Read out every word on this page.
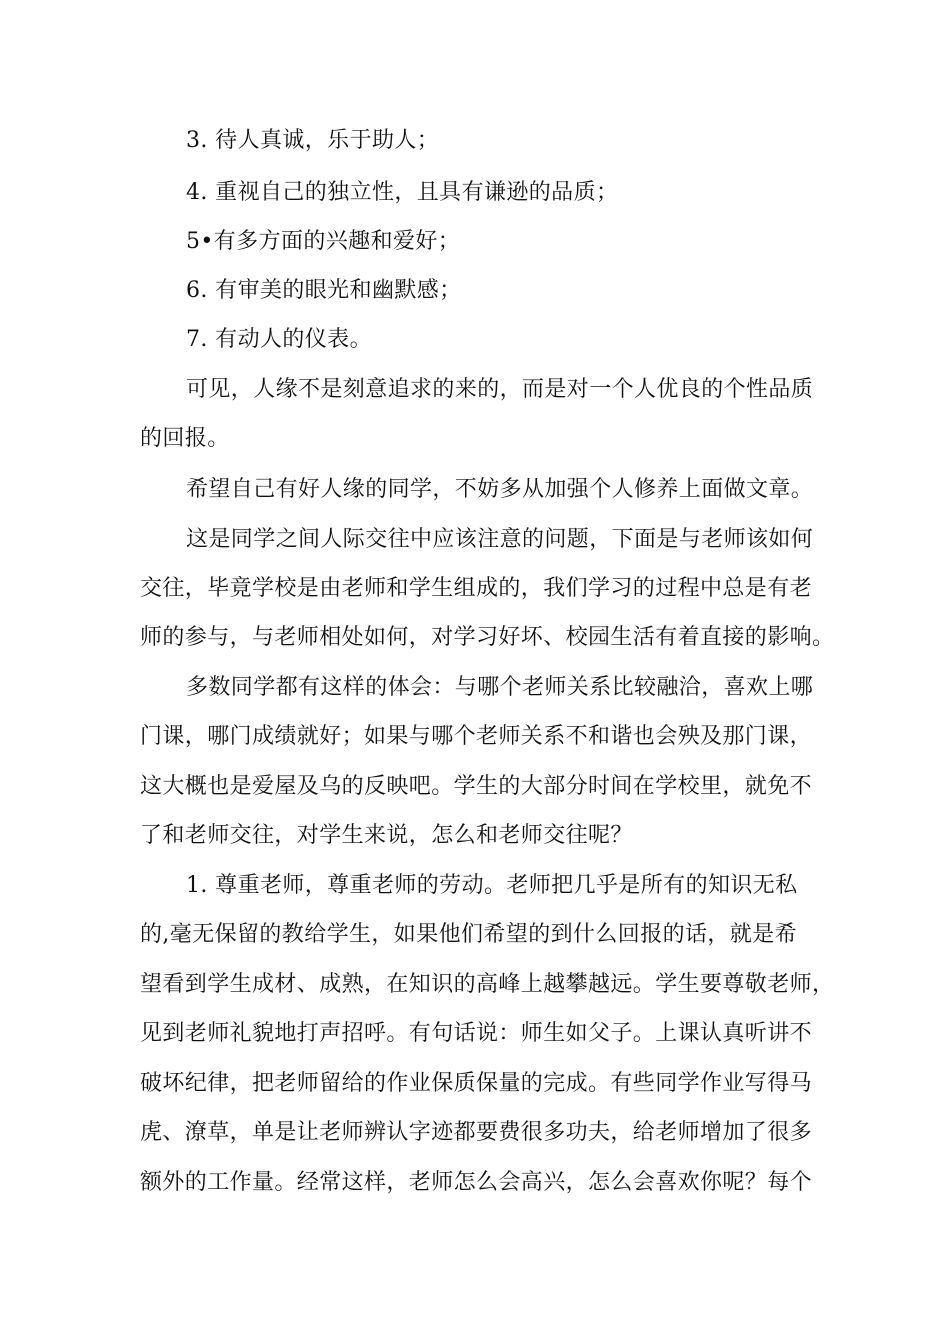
3. 待人真诚，乐于助人；
4. 重视自己的独立性，且具有谦逊的品质；
5•有多方面的兴趣和爱好；
6. 有审美的眼光和幽默感；
7. 有动人的仪表。
可见，人缘不是刻意追求的来的，而是对一个人优良的个性品质
的回报。
希望自己有好人缘的同学，不妨多从加强个人修养上面做文章。
这是同学之间人际交往中应该注意的问题，下面是与老师该如何
交往，毕竟学校是由老师和学生组成的，我们学习的过程中总是有老
师的参与，与老师相处如何，对学习好坏、校园生活有着直接的影响。
多数同学都有这样的体会：与哪个老师关系比较融洽，喜欢上哪
门课，哪门成绩就好；如果与哪个老师关系不和谐也会殃及那门课，
这大概也是爱屋及乌的反映吧。学生的大部分时间在学校里，就免不
了和老师交往，对学生来说，怎么和老师交往呢？
1. 尊重老师，尊重老师的劳动。老师把几乎是所有的知识无私
的,毫无保留的教给学生，如果他们希望的到什么回报的话，就是希
望看到学生成材、成熟，在知识的高峰上越攀越远。学生要尊敬老师，
见到老师礼貌地打声招呼。有句话说：师生如父子。上课认真听讲不
破坏纪律，把老师留给的作业保质保量的完成。有些同学作业写得马
虎、潦草，单是让老师辨认字迹都要费很多功夫，给老师增加了很多
额外的工作量。经常这样，老师怎么会高兴，怎么会喜欢你呢？每个
